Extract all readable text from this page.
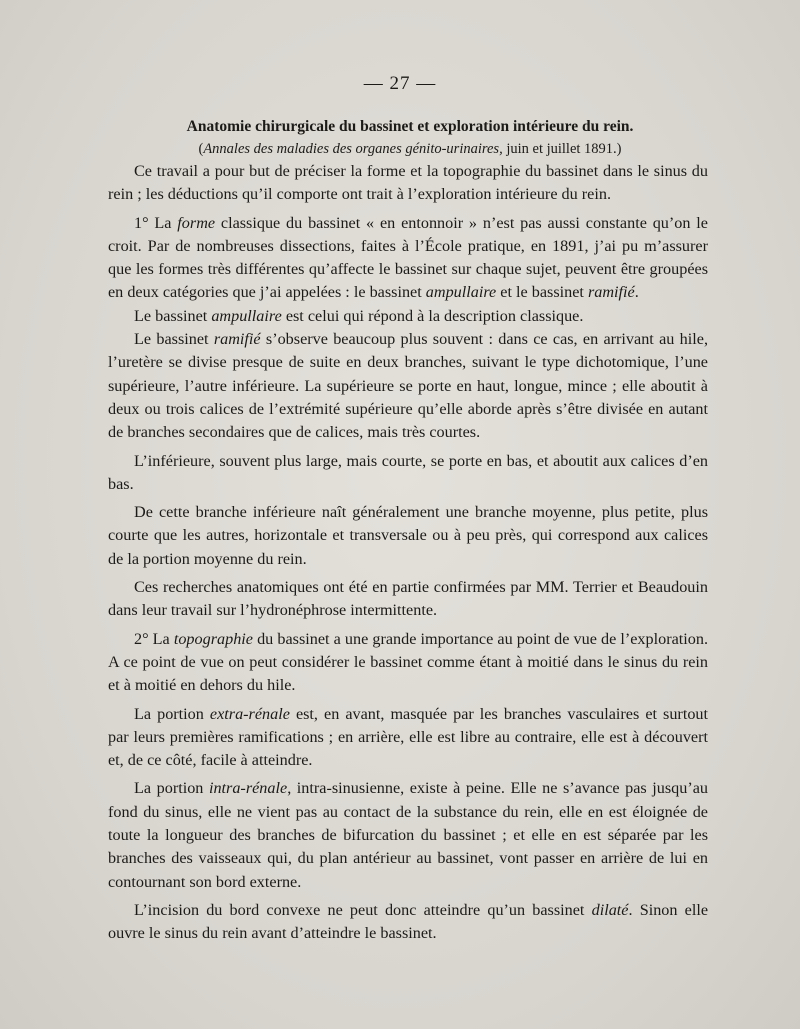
— 27 —
Anatomie chirurgicale du bassinet et exploration intérieure du rein.
(Annales des maladies des organes génito-urinaires, juin et juillet 1891.)

Ce travail a pour but de préciser la forme et la topographie du bassinet dans le sinus du rein ; les déductions qu’il comporte ont trait à l’exploration intérieure du rein.

1° La forme classique du bassinet « en entonnoir » n’est pas aussi constante qu’on le croit. Par de nombreuses dissections, faites à l’École pratique, en 1891, j’ai pu m’assurer que les formes très différentes qu’affecte le bassinet sur chaque sujet, peuvent être groupées en deux catégories que j’ai appelées : le bassinet ampullaire et le bassinet ramifié.

Le bassinet ampullaire est celui qui répond à la description classique.

Le bassinet ramifié s’observe beaucoup plus souvent : dans ce cas, en arrivant au hile, l’uretère se divise presque de suite en deux branches, suivant le type dichotomique, l’une supérieure, l’autre inférieure. La supérieure se porte en haut, longue, mince ; elle aboutit à deux ou trois calices de l’extrémité supérieure qu’elle aborde après s’être divisée en autant de branches secondaires que de calices, mais très courtes.

L’inférieure, souvent plus large, mais courte, se porte en bas, et aboutit aux calices d’en bas.

De cette branche inférieure naît généralement une branche moyenne, plus petite, plus courte que les autres, horizontale et transversale ou à peu près, qui correspond aux calices de la portion moyenne du rein.

Ces recherches anatomiques ont été en partie confirmées par MM. Terrier et Beaudouin dans leur travail sur l’hydronéphrose intermittente.

2° La topographie du bassinet a une grande importance au point de vue de l’exploration. A ce point de vue on peut considérer le bassinet comme étant à moitié dans le sinus du rein et à moitié en dehors du hile.

La portion extra-rénale est, en avant, masquée par les branches vasculaires et surtout par leurs premières ramifications ; en arrière, elle est libre au contraire, elle est à découvert et, de ce côté, facile à atteindre.

La portion intra-rénale, intra-sinusienne, existe à peine. Elle ne s’avance pas jusqu’au fond du sinus, elle ne vient pas au contact de la substance du rein, elle en est éloignée de toute la longueur des branches de bifurcation du bassinet ; et elle en est séparée par les branches des vaisseaux qui, du plan antérieur au bassinet, vont passer en arrière de lui en contournant son bord externe.

L’incision du bord convexe ne peut donc atteindre qu’un bassinet dilaté. Sinon elle ouvre le sinus du rein avant d’atteindre le bassinet.
